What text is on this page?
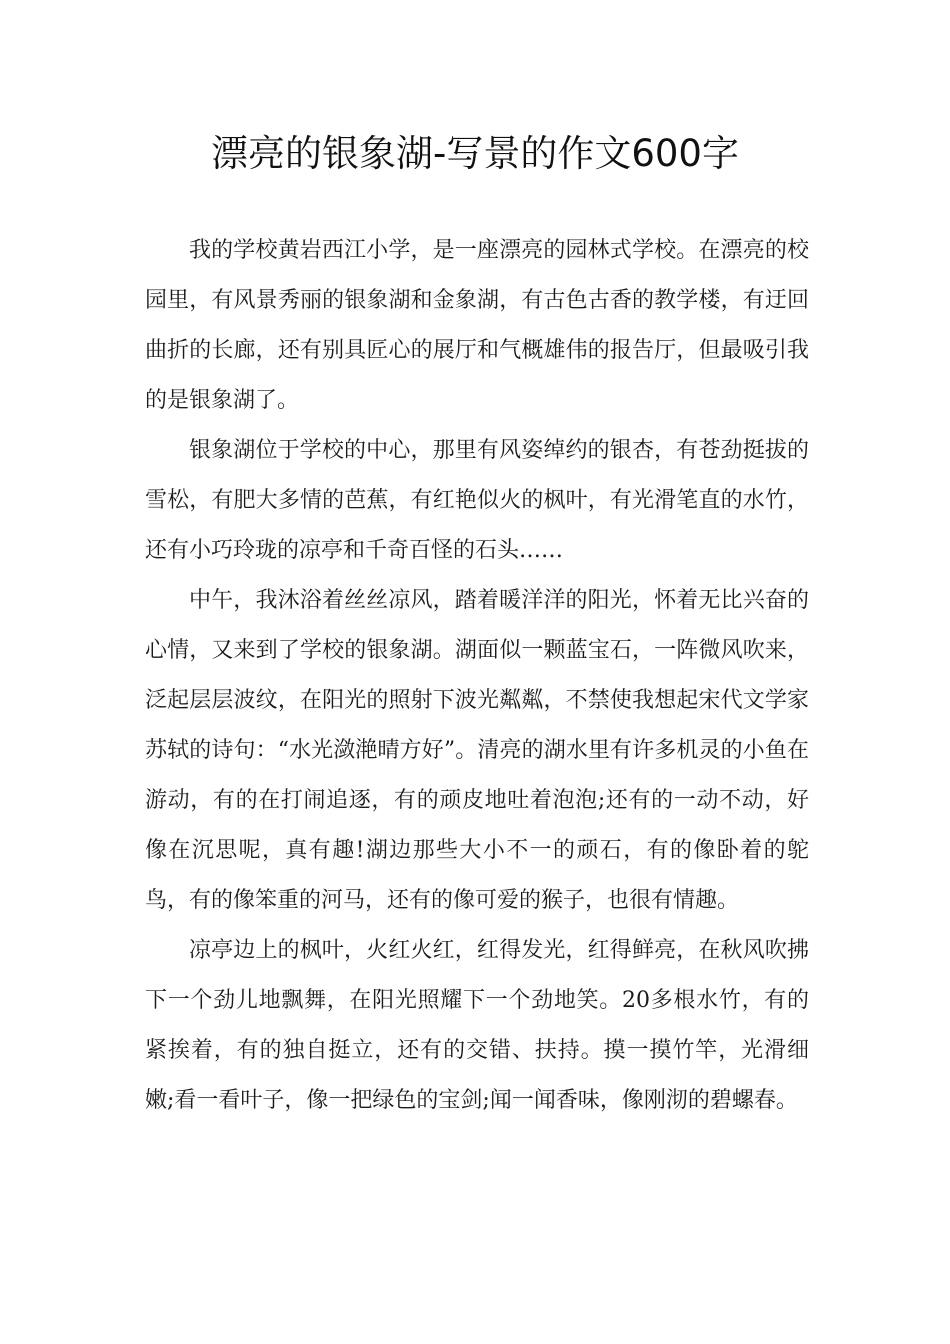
漂亮的银象湖-写景的作文600字

我的学校黄岩西江小学，是一座漂亮的园林式学校。在漂亮的校园里，有风景秀丽的银象湖和金象湖，有古色古香的教学楼，有迂回曲折的长廊，还有别具匠心的展厅和气概雄伟的报告厅，但最吸引我的是银象湖了。

银象湖位于学校的中心，那里有风姿绰约的银杏，有苍劲挺拔的雪松，有肥大多情的芭蕉，有红艳似火的枫叶，有光滑笔直的水竹，还有小巧玲珑的凉亭和千奇百怪的石头……

中午，我沐浴着丝丝凉风，踏着暖洋洋的阳光，怀着无比兴奋的心情，又来到了学校的银象湖。湖面似一颗蓝宝石，一阵微风吹来，泛起层层波纹，在阳光的照射下波光粼粼，不禁使我想起宋代文学家苏轼的诗句：“水光潋滟晴方好”。清亮的湖水里有许多机灵的小鱼在游动，有的在打闹追逐，有的顽皮地吐着泡泡;还有的一动不动，好像在沉思呢，真有趣!湖边那些大小不一的顽石，有的像卧着的鸵鸟，有的像笨重的河马，还有的像可爱的猴子，也很有情趣。

凉亭边上的枫叶，火红火红，红得发光，红得鲜亮，在秋风吹拂下一个劲儿地飘舞，在阳光照耀下一个劲地笑。20多根水竹，有的紧挨着，有的独自挺立，还有的交错、扶持。摸一摸竹竿，光滑细嫩;看一看叶子，像一把绿色的宝剑;闻一闻香味，像刚沏的碧螺春。
